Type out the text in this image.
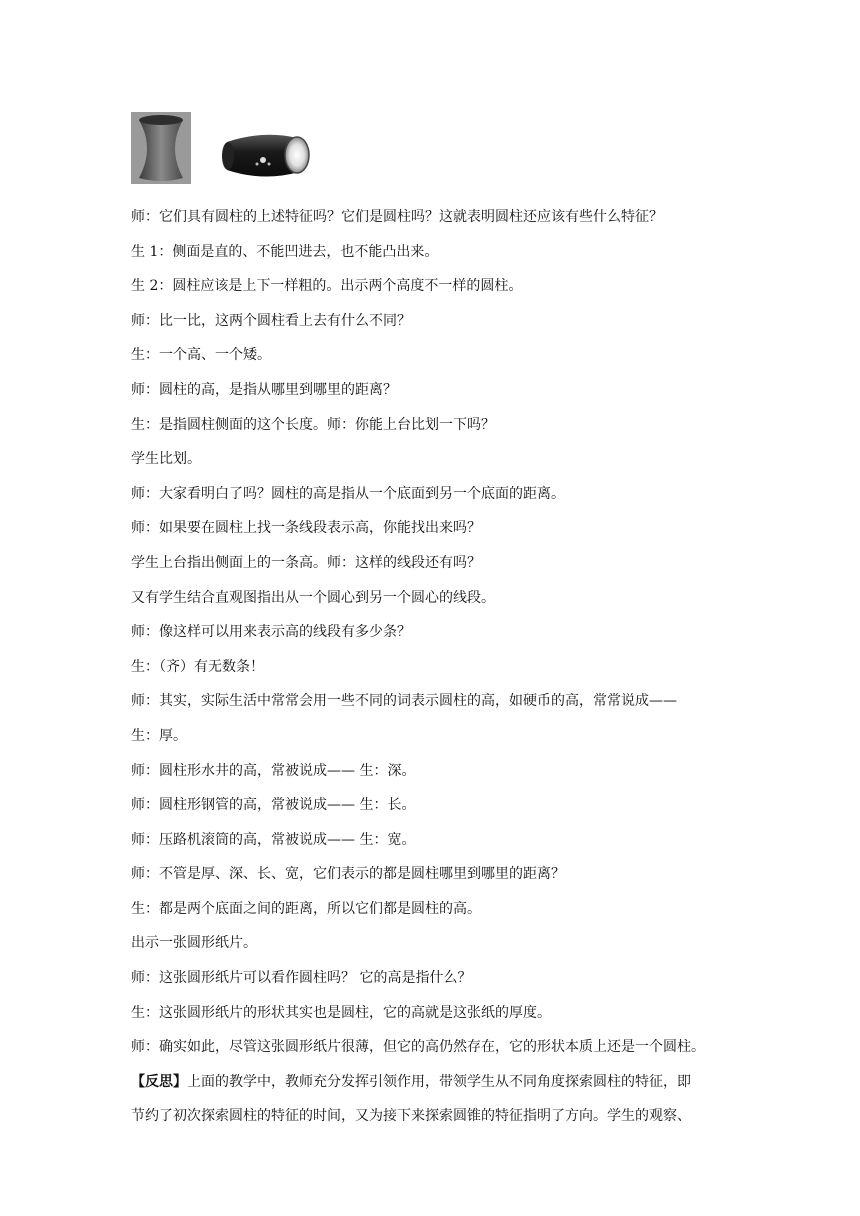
师：它们具有圆柱的上述特征吗？它们是圆柱吗？这就表明圆柱还应该有些什么特征？
生 1：侧面是直的、不能凹进去，也不能凸出来。
生 2：圆柱应该是上下一样粗的。出示两个高度不一样的圆柱。
师：比一比，这两个圆柱看上去有什么不同？
生：一个高、一个矮。
师：圆柱的高，是指从哪里到哪里的距离？
生：是指圆柱侧面的这个长度。师：你能上台比划一下吗？
学生比划。
师：大家看明白了吗？圆柱的高是指从一个底面到另一个底面的距离。
师：如果要在圆柱上找一条线段表示高，你能找出来吗？
学生上台指出侧面上的一条高。师：这样的线段还有吗？
又有学生结合直观图指出从一个圆心到另一个圆心的线段。
师：像这样可以用来表示高的线段有多少条？
生：（齐）有无数条！
师：其实，实际生活中常常会用一些不同的词表示圆柱的高，如硬币的高，常常说成——
生：厚。
师：圆柱形水井的高，常被说成—— 生：深。
师：圆柱形钢管的高，常被说成—— 生：长。
师：压路机滚筒的高，常被说成—— 生：宽。
师：不管是厚、深、长、宽，它们表示的都是圆柱哪里到哪里的距离？
生：都是两个底面之间的距离，所以它们都是圆柱的高。
出示一张圆形纸片。
师：这张圆形纸片可以看作圆柱吗？ 它的高是指什么？
生：这张圆形纸片的形状其实也是圆柱，它的高就是这张纸的厚度。
师：确实如此，尽管这张圆形纸片很薄，但它的高仍然存在，它的形状本质上还是一个圆柱。
【反思】上面的教学中，教师充分发挥引领作用，带领学生从不同角度探索圆柱的特征，即
节约了初次探索圆柱的特征的时间，又为接下来探索圆锥的特征指明了方向。学生的观察、
